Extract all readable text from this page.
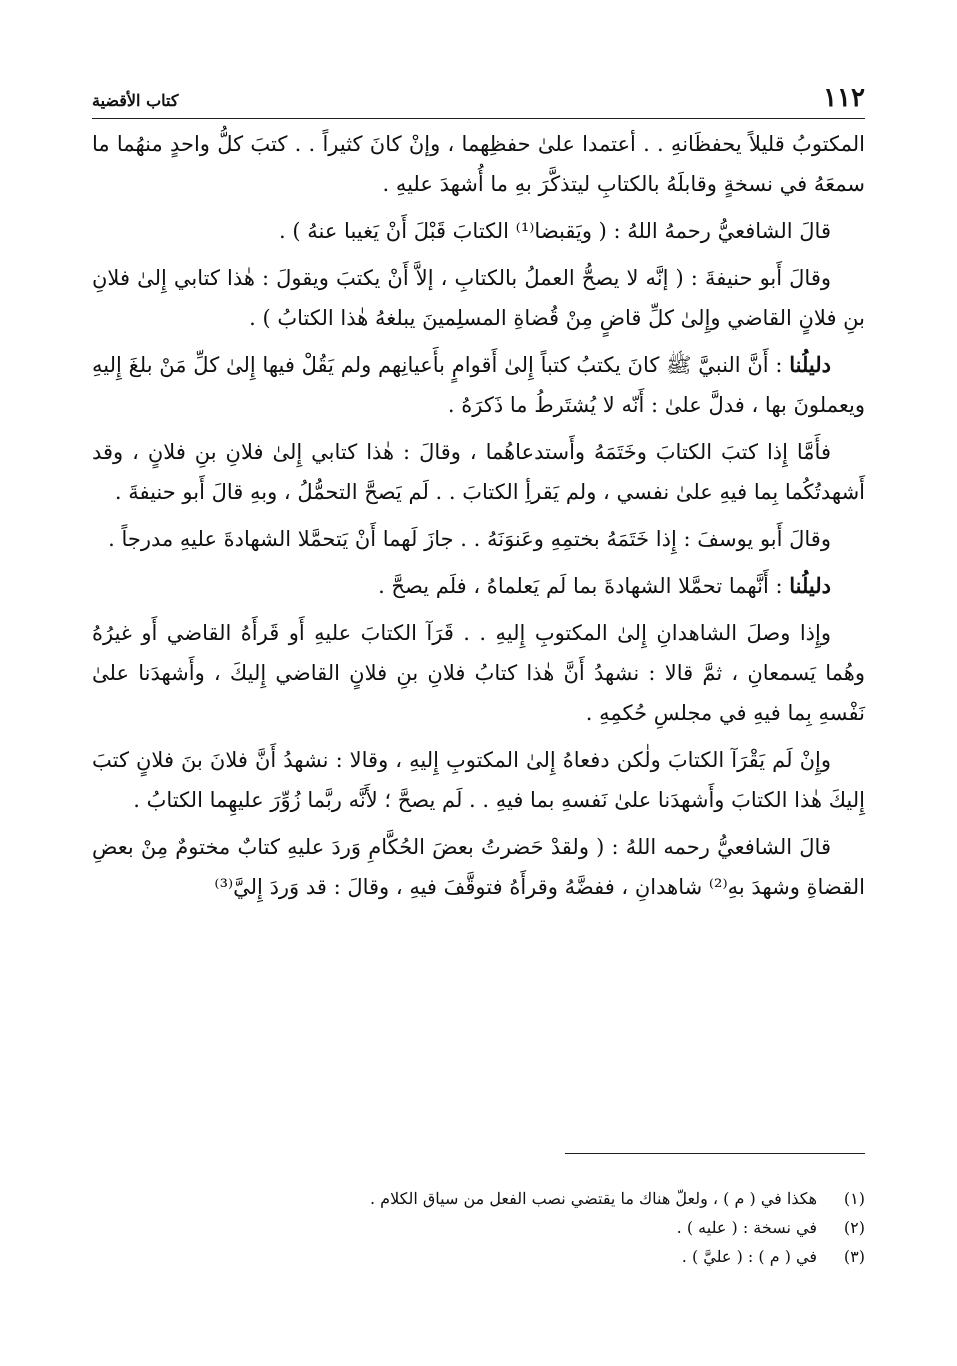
١١٢
كتاب الأقضية

المكتوبُ قليلاً يحفظَانهِ . . أعتمدا علىٰ حفظِهما ، وإنْ كانَ كثيراً . . كتبَ كلُّ واحدٍ منهُما ما سمعَهُ في نسخةٍ وقابلَهُ بالكتابِ ليتذكَّرَ بهِ ما أُشهدَ عليهِ .

قالَ الشافعيُّ رحمهُ اللهُ : ( ويَقبضا⁽¹⁾ الكتابَ قَبْلَ أَنْ يَغيبا عنهُ ) .

وقالَ أَبو حنيفةَ : ( إنَّه لا يصحُّ العملُ بالكتابِ ، إلاَّ أَنْ يكتبَ ويقولَ : هٰذا كتابي إِلىٰ فلانِ بنِ فلانٍ القاضي وإِلىٰ كلِّ قاضٍ مِنْ قُضاةِ المسلِمينَ يبلغهُ هٰذا الكتابُ ) .

دليلُنا : أَنَّ النبيَّ ﷺ كانَ يكتبُ كتباً إِلىٰ أَقوامٍ بأَعيانِهم ولم يَقُلْ فيها إِلىٰ كلِّ مَنْ بلغَ إِليهِ ويعملونَ بها ، فدلَّ علىٰ : أَنّه لا يُشتَرطُ ما ذَكرَهُ .

فأَمَّا إِذا كتبَ الكتابَ وخَتَمَهُ وأَستدعاهُما ، وقالَ : هٰذا كتابي إِلىٰ فلانِ بنِ فلانٍ ، وقد أَشهدتُكُما بِما فيهِ علىٰ نفسي ، ولم يَقرأِ الكتابَ . . لَم يَصحَّ التحمُّلُ ، وبهِ قالَ أَبو حنيفةَ .

وقالَ أَبو يوسفَ : إِذا خَتَمَهُ بختمِهِ وعَنوَنَهُ . . جازَ لَهما أَنْ يَتحمَّلا الشهادةَ عليهِ مدرجاً .

دليلُنا : أَنَّهما تحمَّلا الشهادةَ بما لَم يَعلماهُ ، فلَم يصحَّ .

وإِذا وصلَ الشاهدانِ إِلىٰ المكتوبِ إِليهِ . . قَرَآ الكتابَ عليهِ أَو قَرأَهُ القاضي أَو غيرُهُ وهُما يَسمعانِ ، ثمَّ قالا : نشهدُ أَنَّ هٰذا كتابُ فلانِ بنِ فلانٍ القاضي إِليكَ ، وأَشهدَنا علىٰ نَفْسهِ بِما فيهِ في مجلسِ حُكمِهِ .

وإِنْ لَم يَقْرَآ الكتابَ ولٰكن دفعاهُ إِلىٰ المكتوبِ إِليهِ ، وقالا : نشهدُ أَنَّ فلانَ بنَ فلانٍ كتبَ إِليكَ هٰذا الكتابَ وأَشهدَنا علىٰ نَفسهِ بما فيهِ . . لَم يصحَّ ؛ لأَنَّه ربَّما زُوِّرَ عليهِما الكتابُ .

قالَ الشافعيُّ رحمه اللهُ : ( ولقدْ حَضرتُ بعضَ الحُكَّامِ وَردَ عليهِ كتابٌ مختومٌ مِنْ بعضِ القضاةِ وشهدَ بهِ⁽²⁾ شاهدانِ ، ففضَّهُ وقرأَهُ فتوقَّفَ فيهِ ، وقالَ : قد وَردَ إِليَّ⁽³⁾

(١)
هكذا في ( م ) ، ولعلّ هناك ما يقتضي نصب الفعل من سياق الكلام .

(٢)
في نسخة : ( عليه ) .

(٣)
في ( م ) : ( عليَّ ) .
